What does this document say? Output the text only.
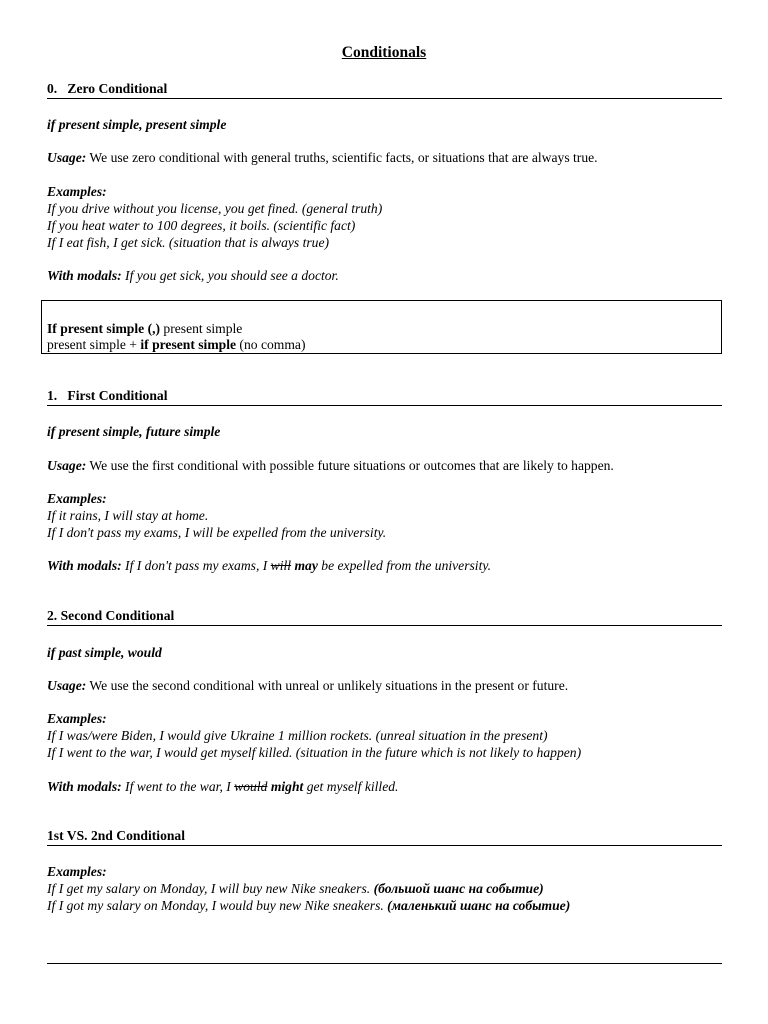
Conditionals
0. Zero Conditional
if present simple, present simple
Usage: We use zero conditional with general truths, scientific facts, or situations that are always true.
Examples:
If you drive without you license, you get fined. (general truth)
If you heat water to 100 degrees, it boils. (scientific fact)
If I eat fish, I get sick. (situation that is always true)
With modals: If you get sick, you should see a doctor.
If present simple (,) present simple
present simple + if present simple (no comma)
1. First Conditional
if present simple, future simple
Usage: We use the first conditional with possible future situations or outcomes that are likely to happen.
Examples:
If it rains, I will stay at home.
If I don't pass my exams, I will be expelled from the university.
With modals: If I don't pass my exams, I will may be expelled from the university.
2. Second Conditional
if past simple, would
Usage: We use the second conditional with unreal or unlikely situations in the present or future.
Examples:
If I was/were Biden, I would give Ukraine 1 million rockets. (unreal situation in the present)
If I went to the war, I would get myself killed. (situation in the future which is not likely to happen)
With modals: If went to the war, I would might get myself killed.
1st VS. 2nd Conditional
Examples:
If I get my salary on Monday, I will buy new Nike sneakers. (большой шанс на событие)
If I got my salary on Monday, I would buy new Nike sneakers. (маленький шанс на событие)
